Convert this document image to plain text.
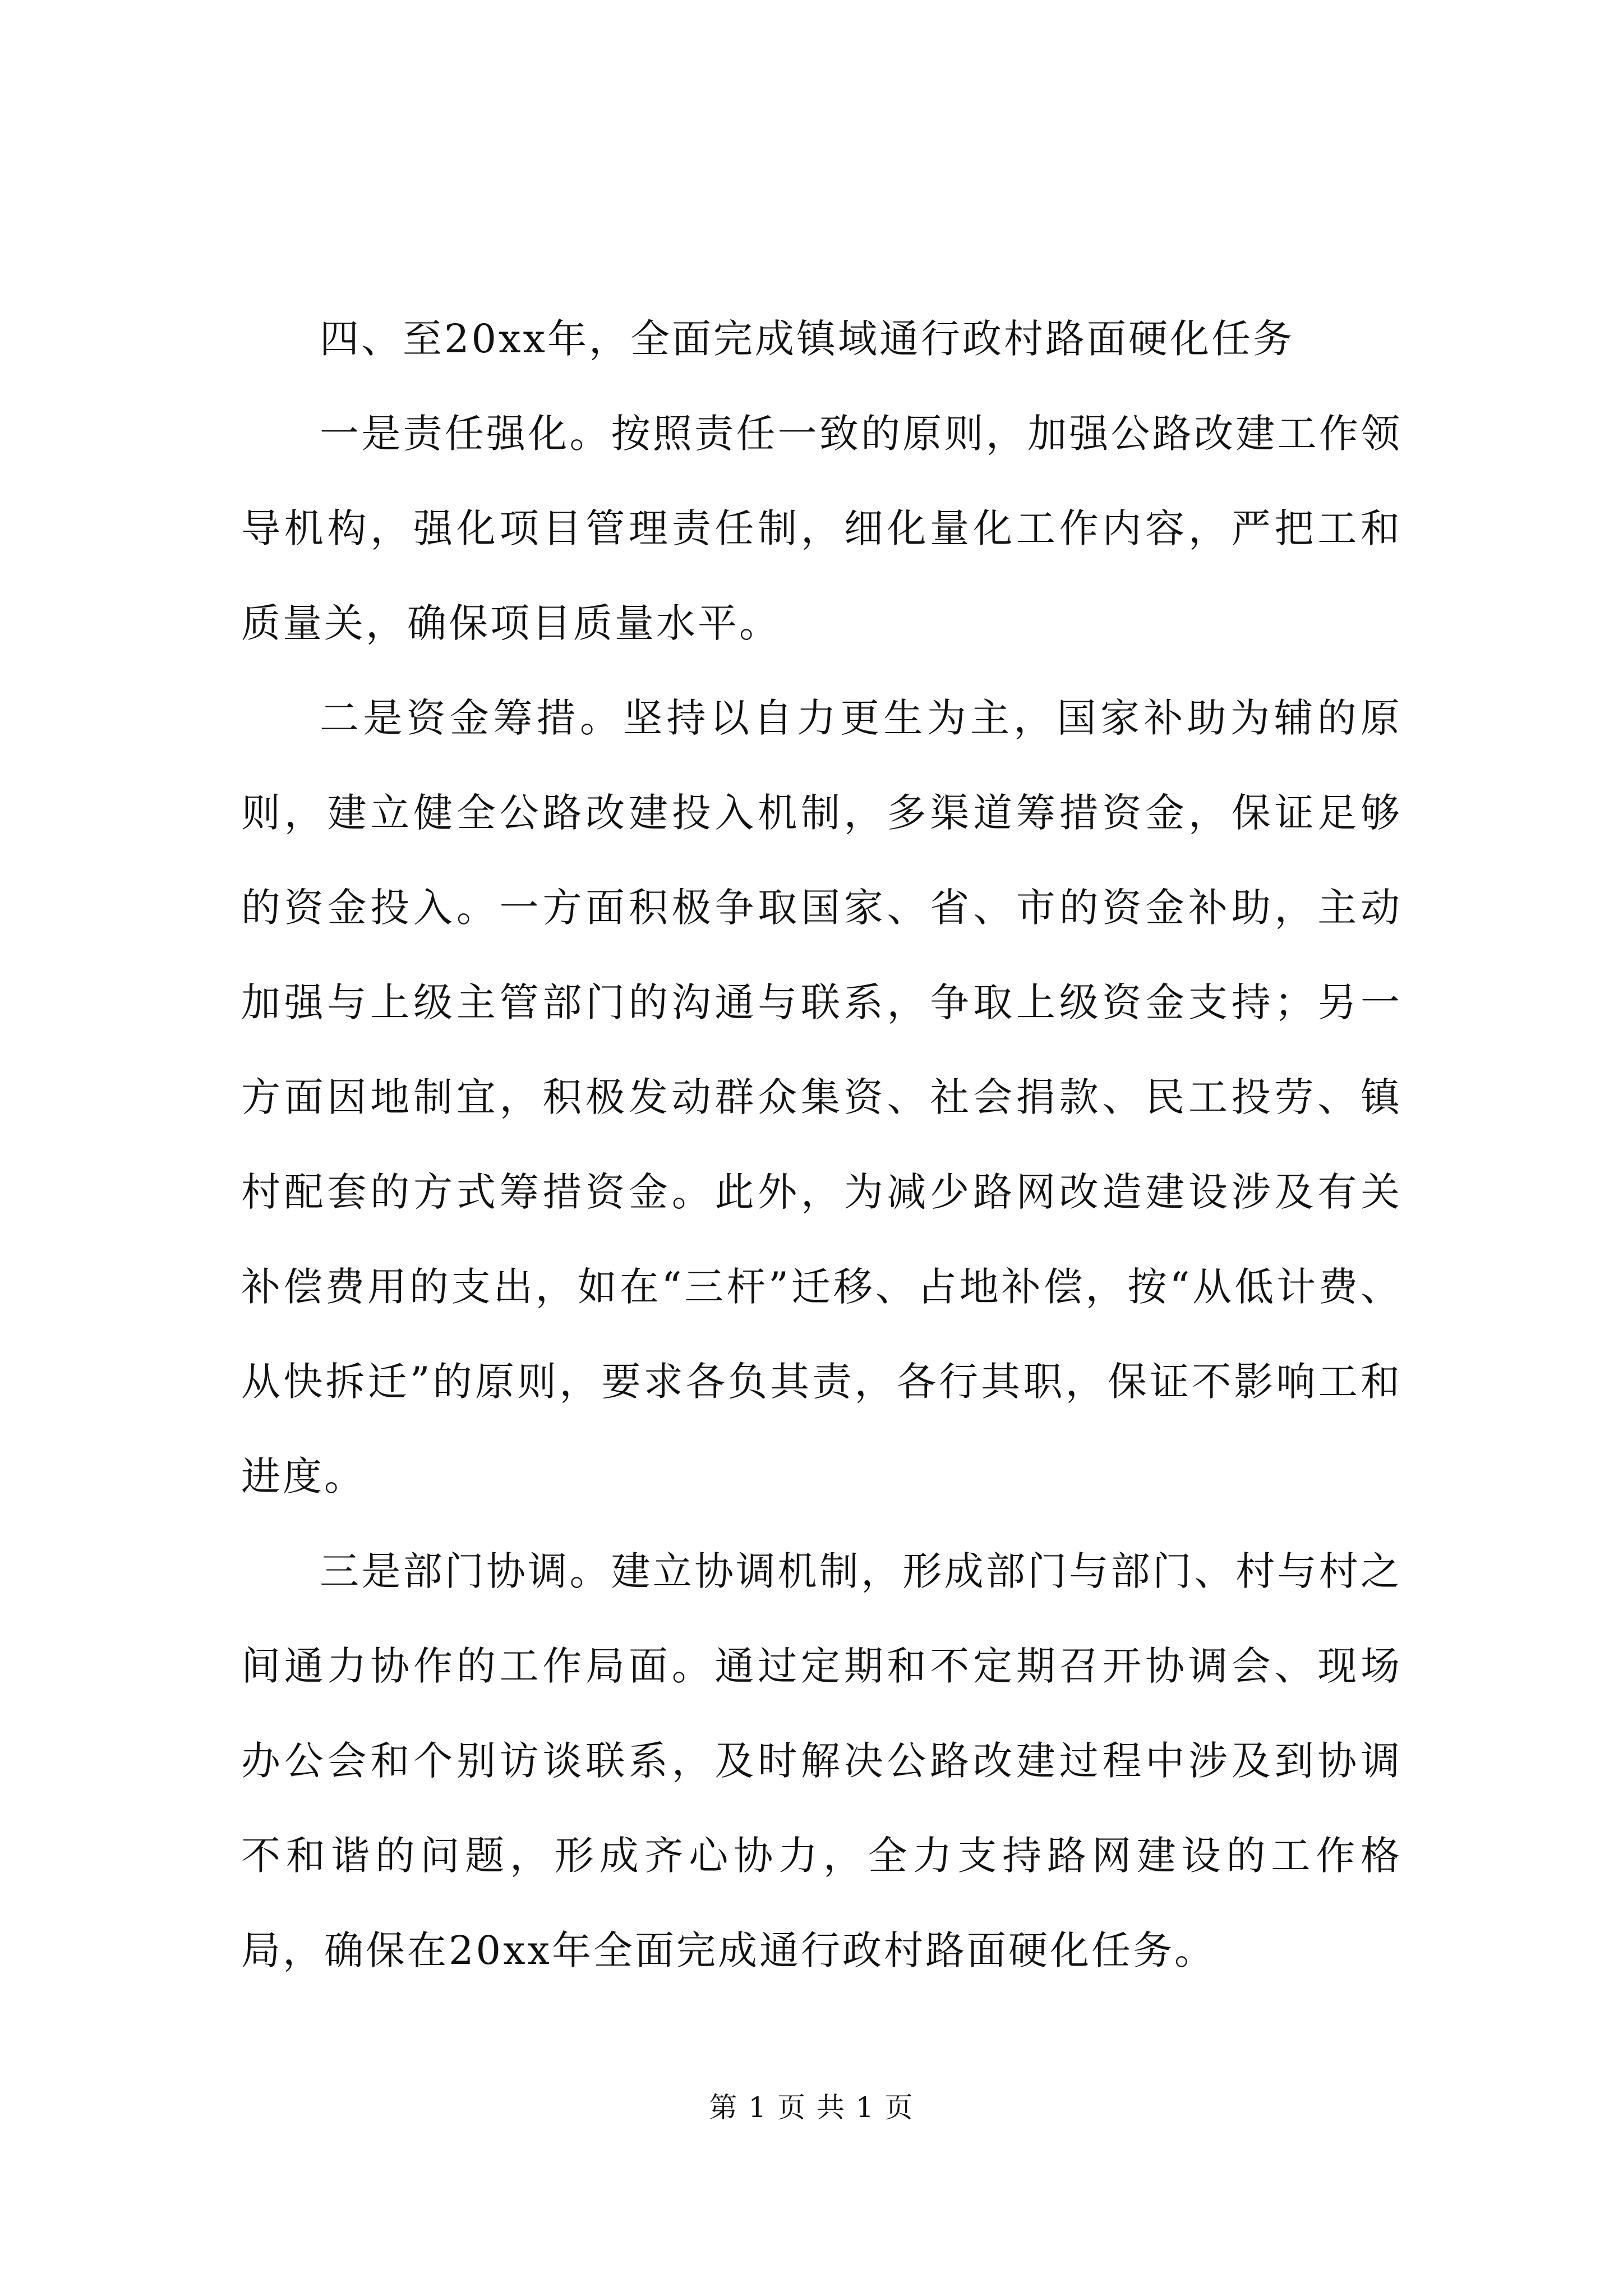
四、至20xx年，全面完成镇域通行政村路面硬化任务

一是责任强化。按照责任一致的原则，加强公路改建工作领导机构，强化项目管理责任制，细化量化工作内容，严把工和质量关，确保项目质量水平。

二是资金筹措。坚持以自力更生为主，国家补助为辅的原则，建立健全公路改建投入机制，多渠道筹措资金，保证足够的资金投入。一方面积极争取国家、省、市的资金补助，主动加强与上级主管部门的沟通与联系，争取上级资金支持；另一方面因地制宜，积极发动群众集资、社会捐款、民工投劳、镇村配套的方式筹措资金。此外，为减少路网改造建设涉及有关补偿费用的支出，如在“三杆”迁移、占地补偿，按“从低计费、从快拆迁”的原则，要求各负其责，各行其职，保证不影响工和进度。

三是部门协调。建立协调机制，形成部门与部门、村与村之间通力协作的工作局面。通过定期和不定期召开协调会、现场办公会和个别访谈联系，及时解决公路改建过程中涉及到协调不和谐的问题，形成齐心协力，全力支持路网建设的工作格局，确保在20xx年全面完成通行政村路面硬化任务。

第 1 页 共 1 页
